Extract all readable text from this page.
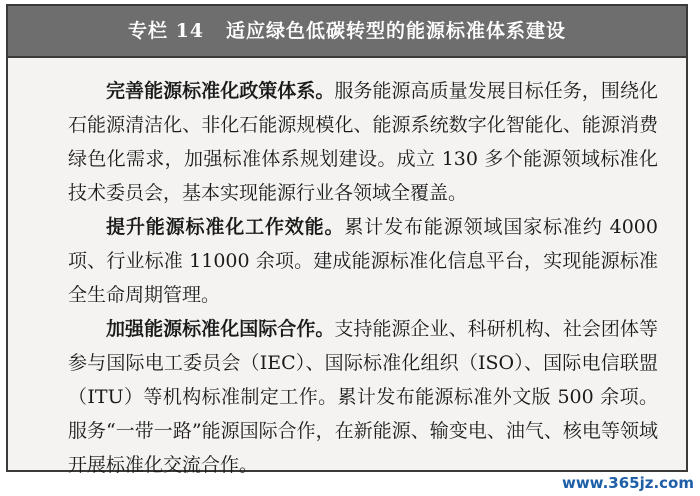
专栏 14 适应绿色低碳转型的能源标准体系建设

完善能源标准化政策体系。服务能源高质量发展目标任务，围绕化石能源清洁化、非化石能源规模化、能源系统数字化智能化、能源消费绿色化需求，加强标准体系规划建设。成立 130 多个能源领域标准化技术委员会，基本实现能源行业各领域全覆盖。

提升能源标准化工作效能。累计发布能源领域国家标准约 4000 项、行业标准 11000 余项。建成能源标准化信息平台，实现能源标准全生命周期管理。

加强能源标准化国际合作。支持能源企业、科研机构、社会团体等参与国际电工委员会（IEC）、国际标准化组织（ISO）、国际电信联盟（ITU）等机构标准制定工作。累计发布能源标准外文版 500 余项。服务“一带一路”能源国际合作，在新能源、输变电、油气、核电等领域开展标准化交流合作。

www.365jz.com
